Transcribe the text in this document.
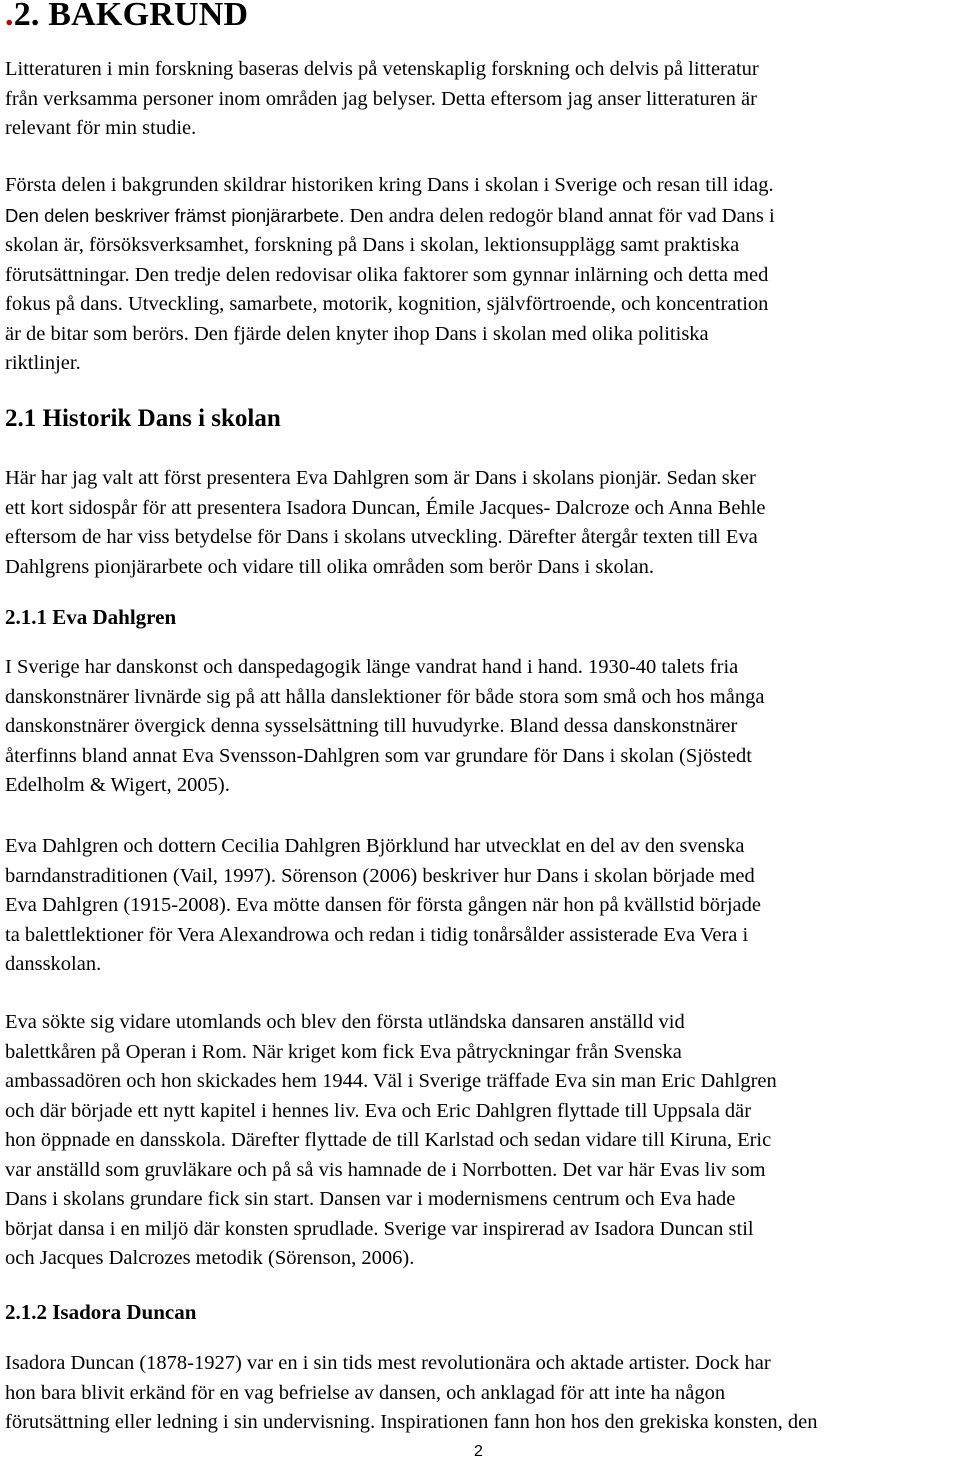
.2. BAKGRUND
Litteraturen i min forskning baseras delvis på vetenskaplig forskning och delvis på litteratur
från verksamma personer inom områden jag belyser. Detta eftersom jag anser litteraturen är
relevant för min studie.
Första delen i bakgrunden skildrar historiken kring Dans i skolan i Sverige och resan till idag.
Den delen beskriver främst pionjärarbete. Den andra delen redogör bland annat för vad Dans i
skolan är, försöksverksamhet, forskning på Dans i skolan, lektionsupplägg samt praktiska
förutsättningar. Den tredje delen redovisar olika faktorer som gynnar inlärning och detta med
fokus på dans. Utveckling, samarbete, motorik, kognition, självförtroende, och koncentration
är de bitar som berörs. Den fjärde delen knyter ihop Dans i skolan med olika politiska
riktlinjer.
2.1 Historik Dans i skolan
Här har jag valt att först presentera Eva Dahlgren som är Dans i skolans pionjär. Sedan sker
ett kort sidospår för att presentera Isadora Duncan, Émile Jacques- Dalcroze och Anna Behle
eftersom de har viss betydelse för Dans i skolans utveckling. Därefter återgår texten till Eva
Dahlgrens pionjärarbete och vidare till olika områden som berör Dans i skolan.
2.1.1 Eva Dahlgren
I Sverige har danskonst och danspedagogik länge vandrat hand i hand. 1930-40 talets fria
danskonstnärer livnärde sig på att hålla danslektioner för både stora som små och hos många
danskonstnärer övergick denna sysselsättning till huvudyrke. Bland dessa danskonstnärer
återfinns bland annat Eva Svensson-Dahlgren som var grundare för Dans i skolan (Sjöstedt
Edelholm & Wigert, 2005).
Eva Dahlgren och dottern Cecilia Dahlgren Björklund har utvecklat en del av den svenska
barndanstraditionen (Vail, 1997). Sörenson (2006) beskriver hur Dans i skolan började med
Eva Dahlgren (1915-2008). Eva mötte dansen för första gången när hon på kvällstid började
ta balettlektioner för Vera Alexandrowa och redan i tidig tonårsålder assisterade Eva Vera i
dansskolan.
Eva sökte sig vidare utomlands och blev den första utländska dansaren anställd vid
balettkåren på Operan i Rom. När kriget kom fick Eva påtryckningar från Svenska
ambassadören och hon skickades hem 1944. Väl i Sverige träffade Eva sin man Eric Dahlgren
och där började ett nytt kapitel i hennes liv. Eva och Eric Dahlgren flyttade till Uppsala där
hon öppnade en dansskola. Därefter flyttade de till Karlstad och sedan vidare till Kiruna, Eric
var anställd som gruvläkare och på så vis hamnade de i Norrbotten. Det var här Evas liv som
Dans i skolans grundare fick sin start. Dansen var i modernismens centrum och Eva hade
börjat dansa i en miljö där konsten sprudlade. Sverige var inspirerad av Isadora Duncan stil
och Jacques Dalcrozes metodik (Sörenson, 2006).
2.1.2 Isadora Duncan
Isadora Duncan (1878-1927) var en i sin tids mest revolutionära och aktade artister. Dock har
hon bara blivit erkänd för en vag befrielse av dansen, och anklagad för att inte ha någon
förutsättning eller ledning i sin undervisning. Inspirationen fann hon hos den grekiska konsten, den
2
